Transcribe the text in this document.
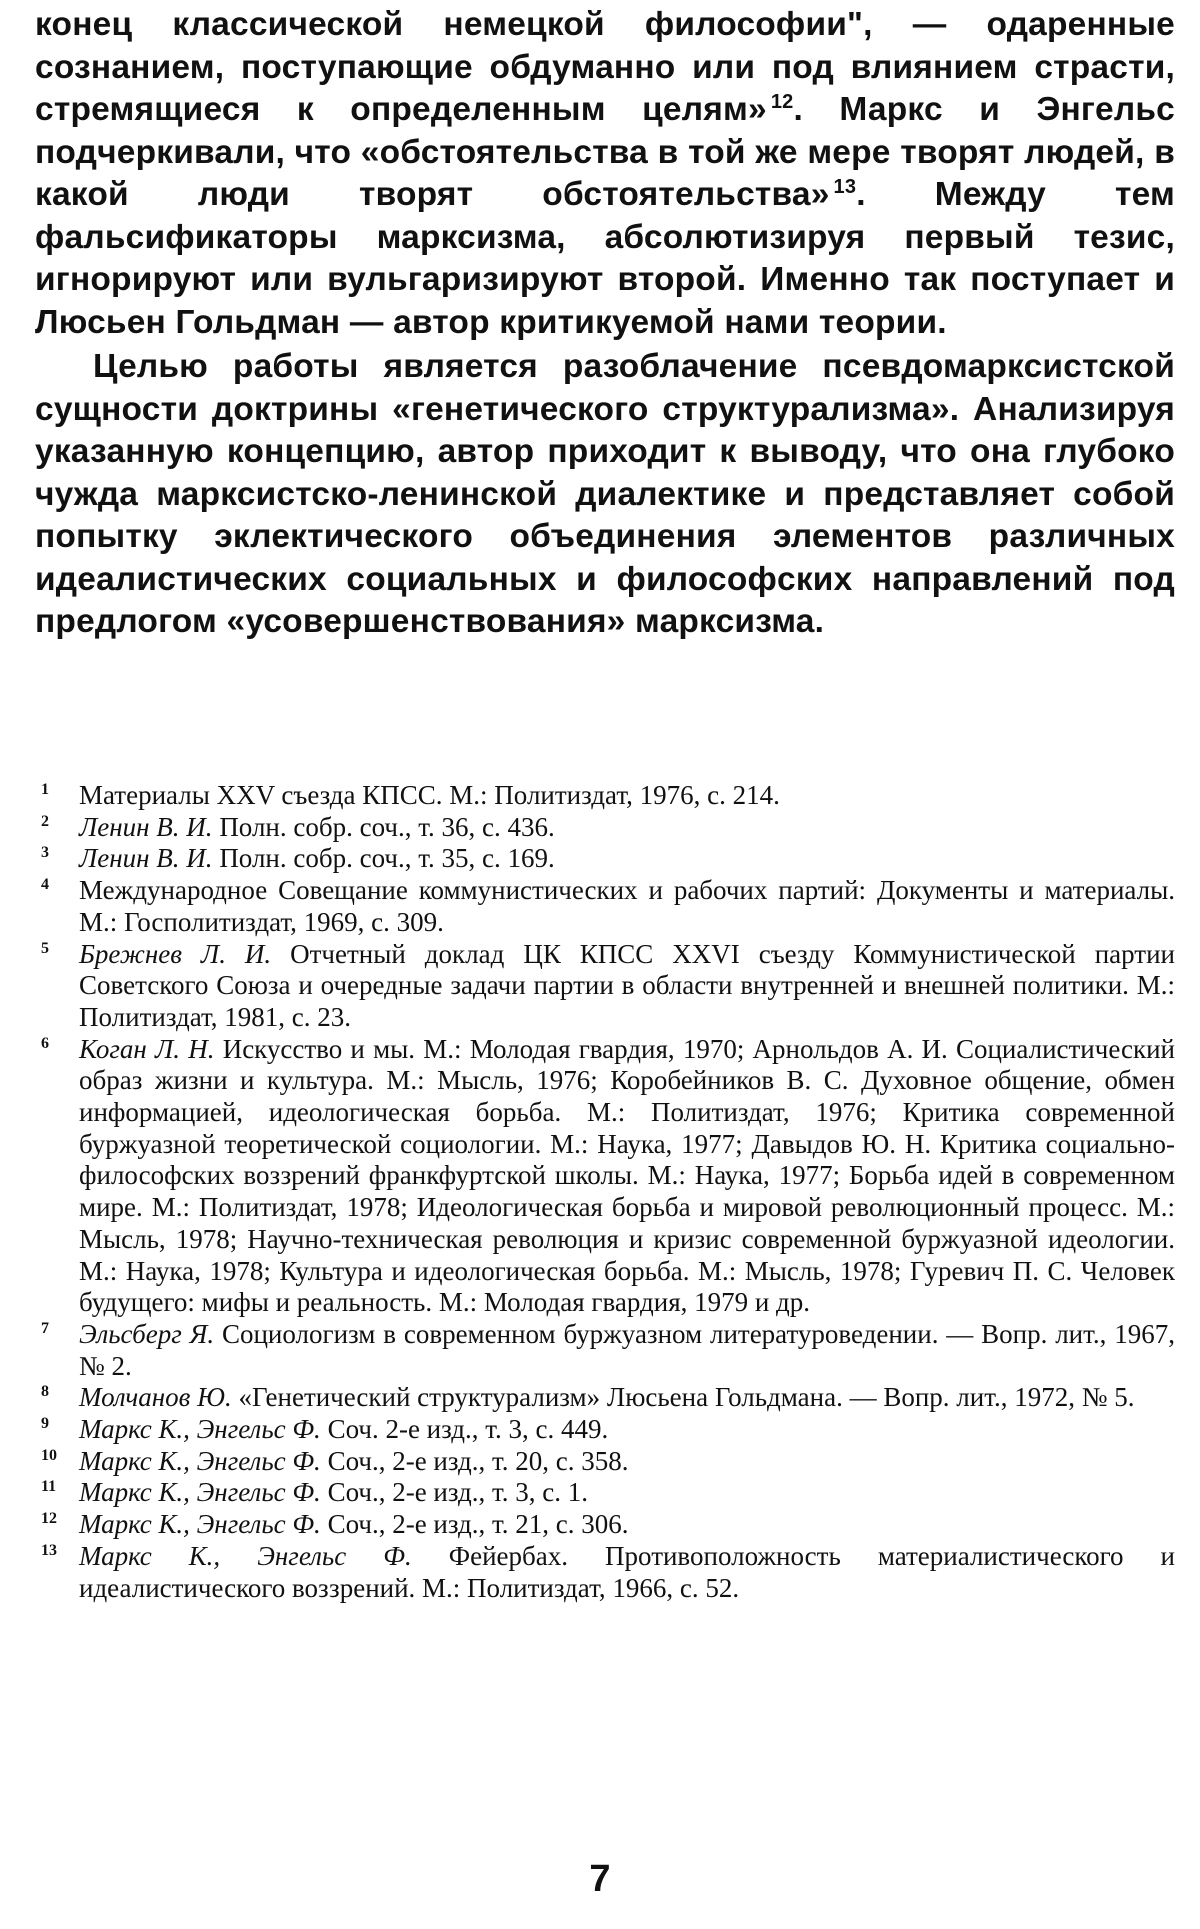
конец классической немецкой философии", — одаренные сознанием, поступающие обдуманно или под влиянием страсти, стремящиеся к определенным целям» $^{12}$. Маркс и Энгельс подчеркивали, что «обстоятельства в той же мере творят людей, в какой люди творят обстоятельства» $^{13}$. Между тем фальсификаторы марксизма, абсолютизируя первый тезис, игнорируют или вульгаризируют второй. Именно так поступает и Люсьен Гольдман — автор критикуемой нами теории.

Целью работы является разоблачение псевдомарксистской сущности доктрины «генетического структурализма». Анализируя указанную концепцию, автор приходит к выводу, что она глубоко чужда марксистско-ленинской диалектике и представляет собой попытку эклектического объединения элементов различных идеалистических социальных и философских направлений под предлогом «усовершенствования» марксизма.

1 Материалы XXV съезда КПСС. М.: Политиздат, 1976, с. 214.
2 Ленин В. И. Полн. собр. соч., т. 36, с. 436.
3 Ленин В. И. Полн. собр. соч., т. 35, с. 169.
4 Международное Совещание коммунистических и рабочих партий: Документы и материалы. М.: Госполитиздат, 1969, с. 309.
5 Брежнев Л. И. Отчетный доклад ЦК КПСС XXVI съезду Коммунистической партии Советского Союза и очередные задачи партии в области внутренней и внешней политики. М.: Политиздат, 1981, с. 23.
6 Коган Л. Н. Искусство и мы. М.: Молодая гвардия, 1970; Арнольдов А. И. Социалистический образ жизни и культура. М.: Мысль, 1976; Коробейников В. С. Духовное общение, обмен информацией, идеологическая борьба. М.: Политиздат, 1976; Критика современной буржуазной теоретической социологии. М.: Наука, 1977; Давыдов Ю. Н. Критика социально-философских воззрений франкфуртской школы. М.: Наука, 1977; Борьба идей в современном мире. М.: Политиздат, 1978; Идеологическая борьба и мировой революционный процесс. М.: Мысль, 1978; Научно-техническая революция и кризис современной буржуазной идеологии. М.: Наука, 1978; Культура и идеологическая борьба. М.: Мысль, 1978; Гуревич П. С. Человек будущего: мифы и реальность. М.: Молодая гвардия, 1979 и др.
7 Эльсберг Я. Социологизм в современном буржуазном литературоведении. — Вопр. лит., 1967, № 2.
8 Молчанов Ю. «Генетический структурализм» Люсьена Гольдмана. — Вопр. лит., 1972, № 5.
9 Маркс К., Энгельс Ф. Соч. 2-е изд., т. 3, с. 449.
10 Маркс К., Энгельс Ф. Соч., 2-е изд., т. 20, с. 358.
11 Маркс К., Энгельс Ф. Соч., 2-е изд., т. 3, с. 1.
12 Маркс К., Энгельс Ф. Соч., 2-е изд., т. 21, с. 306.
13 Маркс К., Энгельс Ф. Фейербах. Противоположность материалистического и идеалистического воззрений. М.: Политиздат, 1966, с. 52.
7
